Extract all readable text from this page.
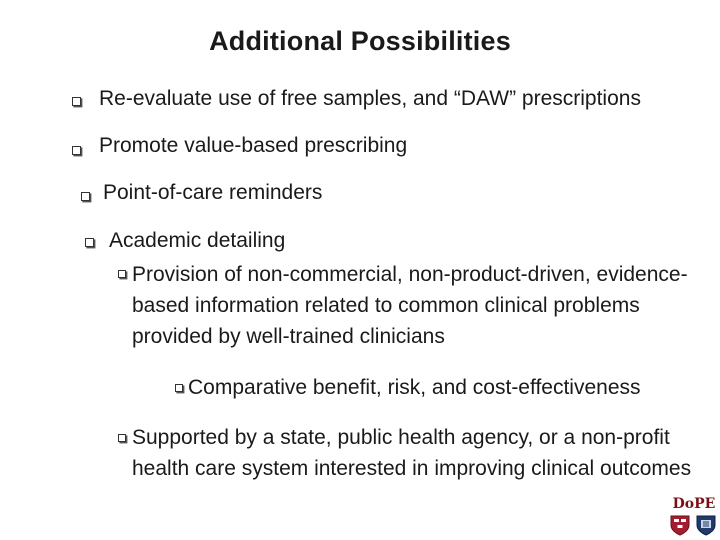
Additional Possibilities
Re-evaluate use of free samples, and “DAW” prescriptions
Promote value-based prescribing
Point-of-care reminders
Academic detailing
Provision of non-commercial, non-product-driven, evidence-based information related to common clinical problems provided by well-trained clinicians
Comparative benefit, risk, and cost-effectiveness
Supported by a state, public health agency, or a non-profit health care system interested in improving clinical outcomes
DoPE
